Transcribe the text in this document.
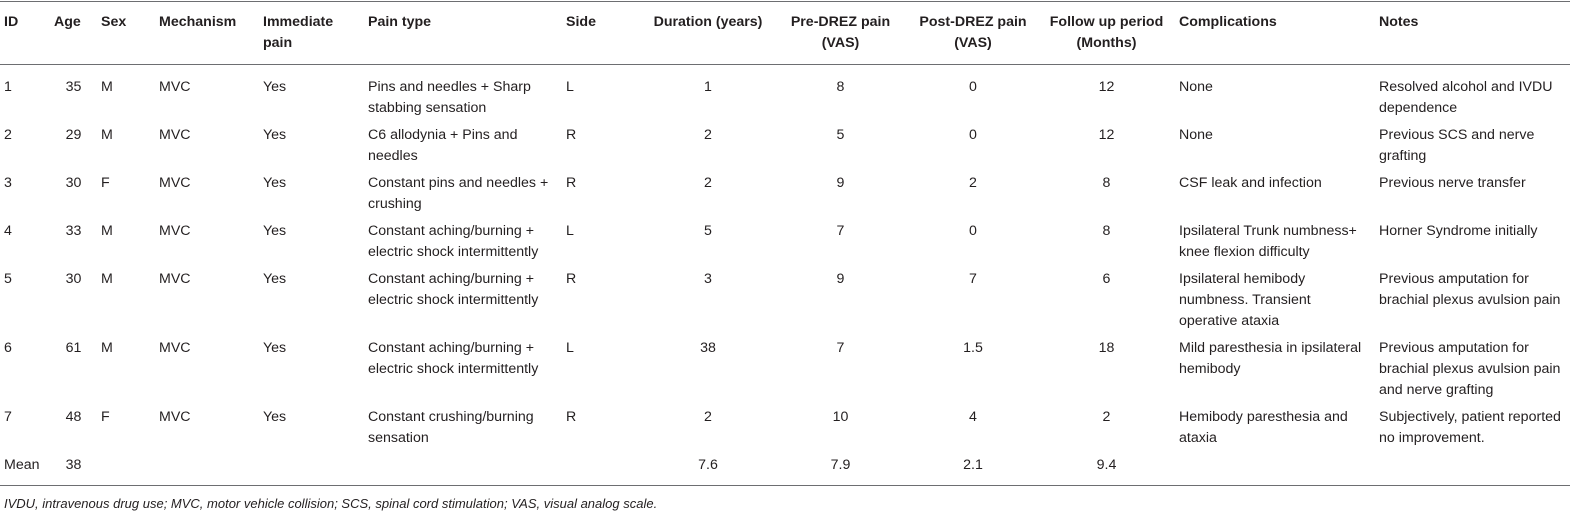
ID	Age	Sex	Mechanism	Immediate pain	Pain type	Side	Duration (years)	Pre-DREZ pain (VAS)	Post-DREZ pain (VAS)	Follow up period (Months)	Complications	Notes
1	35	M	MVC	Yes	Pins and needles + Sharp stabbing sensation	L	1	8	0	12	None	Resolved alcohol and IVDU dependence
2	29	M	MVC	Yes	C6 allodynia + Pins and needles	R	2	5	0	12	None	Previous SCS and nerve grafting
3	30	F	MVC	Yes	Constant pins and needles + crushing	R	2	9	2	8	CSF leak and infection	Previous nerve transfer
4	33	M	MVC	Yes	Constant aching/burning + electric shock intermittently	L	5	7	0	8	Ipsilateral Trunk numbness+ knee flexion difficulty	Horner Syndrome initially
5	30	M	MVC	Yes	Constant aching/burning + electric shock intermittently	R	3	9	7	6	Ipsilateral hemibody numbness. Transient operative ataxia	Previous amputation for brachial plexus avulsion pain
6	61	M	MVC	Yes	Constant aching/burning + electric shock intermittently	L	38	7	1.5	18	Mild paresthesia in ipsilateral hemibody	Previous amputation for brachial plexus avulsion pain and nerve grafting
7	48	F	MVC	Yes	Constant crushing/burning sensation	R	2	10	4	2	Hemibody paresthesia and ataxia	Subjectively, patient reported no improvement.
Mean	38						7.6	7.9	2.1	9.4		
IVDU, intravenous drug use; MVC, motor vehicle collision; SCS, spinal cord stimulation; VAS, visual analog scale.
